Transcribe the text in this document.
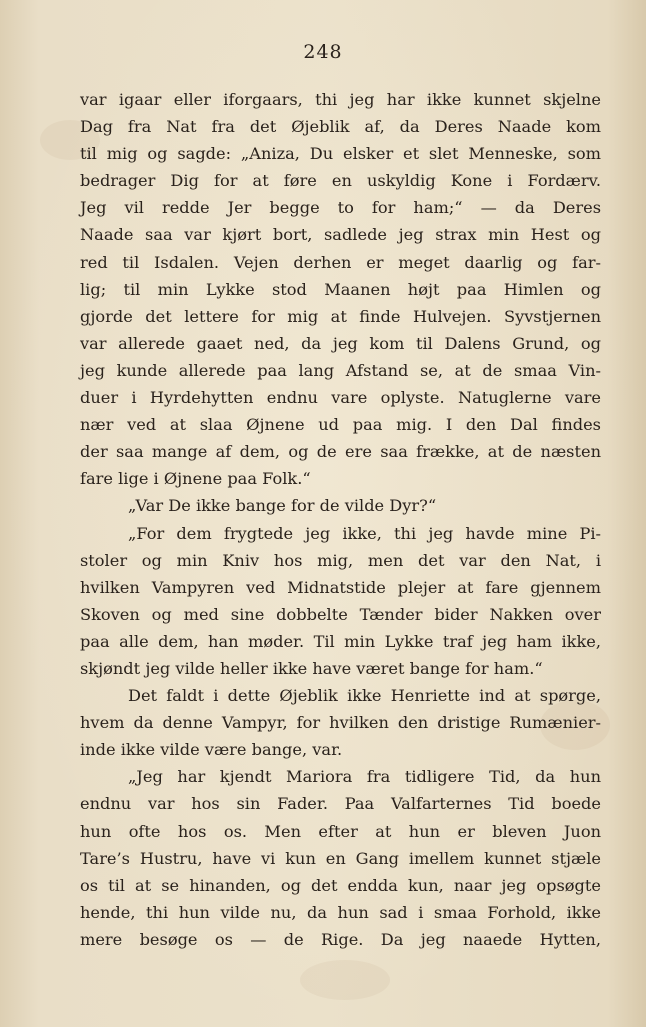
248
var igaar eller iforgaars, thi jeg har ikke kunnet skjelne
Dag fra Nat fra det Øjeblik af, da Deres Naade kom
til mig og sagde: „Aniza, Du elsker et slet Menneske, som
bedrager Dig for at føre en uskyldig Kone i Fordærv.
Jeg vil redde Jer begge to for ham;“ — da Deres
Naade saa var kjørt bort, sadlede jeg strax min Hest og
red til Isdalen. Vejen derhen er meget daarlig og far-
lig; til min Lykke stod Maanen højt paa Himlen og
gjorde det lettere for mig at finde Hulvejen. Syvstjernen
var allerede gaaet ned, da jeg kom til Dalens Grund, og
jeg kunde allerede paa lang Afstand se, at de smaa Vin-
duer i Hyrdehytten endnu vare oplyste. Natuglerne vare
nær ved at slaa Øjnene ud paa mig. I den Dal findes
der saa mange af dem, og de ere saa frække, at de næsten
fare lige i Øjnene paa Folk.“
„Var De ikke bange for de vilde Dyr?“
„For dem frygtede jeg ikke, thi jeg havde mine Pi-
stoler og min Kniv hos mig, men det var den Nat, i
hvilken Vampyren ved Midnatstide plejer at fare gjennem
Skoven og med sine dobbelte Tænder bider Nakken over
paa alle dem, han møder. Til min Lykke traf jeg ham ikke,
skjøndt jeg vilde heller ikke have været bange for ham.“
Det faldt i dette Øjeblik ikke Henriette ind at spørge,
hvem da denne Vampyr, for hvilken den dristige Rumænier-
inde ikke vilde være bange, var.
„Jeg har kjendt Mariora fra tidligere Tid, da hun
endnu var hos sin Fader. Paa Valfarternes Tid boede
hun ofte hos os. Men efter at hun er bleven Juon
Tare’s Hustru, have vi kun en Gang imellem kunnet stjæle
os til at se hinanden, og det endda kun, naar jeg opsøgte
hende, thi hun vilde nu, da hun sad i smaa Forhold, ikke
mere besøge os — de Rige. Da jeg naaede Hytten,
